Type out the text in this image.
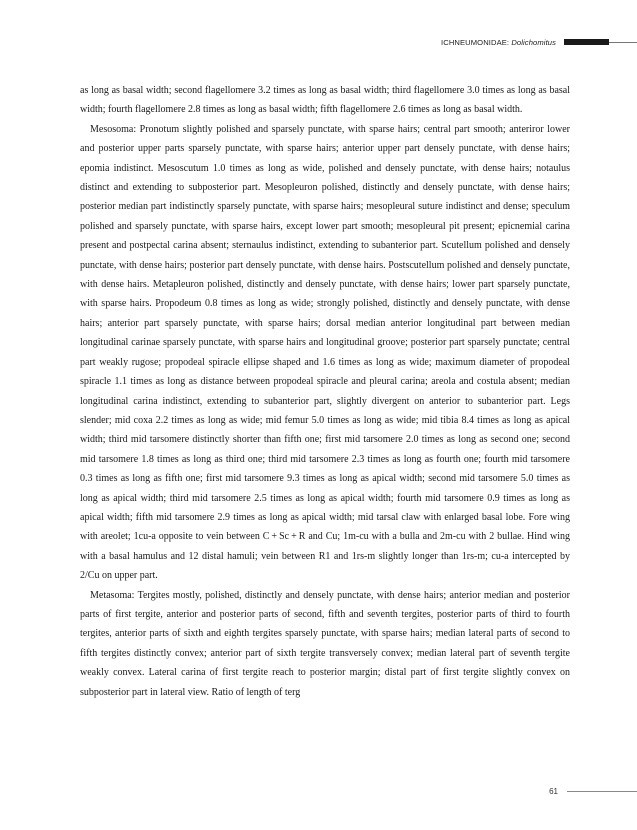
ICHNEUMONIDAE: Dolichomitus

as long as basal width; second flagellomere 3.2 times as long as basal width; third flagellomere 3.0 times as long as basal width; fourth flagellomere 2.8 times as long as basal width; fifth flagellomere 2.6 times as long as basal width.

Mesosoma: Pronotum slightly polished and sparsely punctate, with sparse hairs; central part smooth; anteriror lower and posterior upper parts sparsely punctate, with sparse hairs; anterior upper part densely punctate, with dense hairs; epomia indistinct. Mesoscutum 1.0 times as long as wide, polished and densely punctate, with dense hairs; notaulus distinct and extending to subposterior part. Mesopleuron polished, distinctly and densely punctate, with dense hairs; posterior median part indistinctly sparsely punctate, with sparse hairs; mesopleural suture indistinct and dense; speculum polished and sparsely punctate, with sparse hairs, except lower part smooth; mesopleural pit present; epicnemial carina present and postpectal carina absent; sternaulus indistinct, extending to subanterior part. Scutellum polished and densely punctate, with dense hairs; posterior part densely punctate, with dense hairs. Postscutellum polished and densely punctate, with dense hairs. Metapleuron polished, distinctly and densely punctate, with dense hairs; lower part sparsely punctate, with sparse hairs. Propodeum 0.8 times as long as wide; strongly polished, distinctly and densely punctate, with dense hairs; anterior part sparsely punctate, with sparse hairs; dorsal median anterior longitudinal part between median longitudinal carinae sparsely punctate, with sparse hairs and longitudinal groove; posterior part sparsely punctate; central part weakly rugose; propodeal spiracle ellipse shaped and 1.6 times as long as wide; maximum diameter of propodeal spiracle 1.1 times as long as distance between propodeal spiracle and pleural carina; areola and costula absent; median longitudinal carina indistinct, extending to subanterior part, slightly divergent on anterior to subanterior part. Legs slender; mid coxa 2.2 times as long as wide; mid femur 5.0 times as long as wide; mid tibia 8.4 times as long as apical width; third mid tarsomere distinctly shorter than fifth one; first mid tarsomere 2.0 times as long as second one; second mid tarsomere 1.8 times as long as third one; third mid tarsomere 2.3 times as long as fourth one; fourth mid tarsomere 0.3 times as long as fifth one; first mid tarsomere 9.3 times as long as apical width; second mid tarsomere 5.0 times as long as apical width; third mid tarsomere 2.5 times as long as apical width; fourth mid tarsomere 0.9 times as long as apical width; fifth mid tarsomere 2.9 times as long as apical width; mid tarsal claw with enlarged basal lobe. Fore wing with areolet; 1cu-a opposite to vein between C + Sc + R and Cu; 1m-cu with a bulla and 2m-cu with 2 bullae. Hind wing with a basal hamulus and 12 distal hamuli; vein between R1 and 1rs-m slightly longer than 1rs-m; cu-a intercepted by 2/Cu on upper part.

Metasoma: Tergites mostly, polished, distinctly and densely punctate, with dense hairs; anterior median and posterior parts of first tergite, anterior and posterior parts of second, fifth and seventh tergites, posterior parts of third to fourth tergites, anterior parts of sixth and eighth tergites sparsely punctate, with sparse hairs; median lateral parts of second to fifth tergites distinctly convex; anterior part of sixth tergite transversely convex; median lateral part of seventh tergite weakly convex. Lateral carina of first tergite reach to posterior margin; distal part of first tergite slightly convex on subposterior part in lateral view. Ratio of length of terg

61
